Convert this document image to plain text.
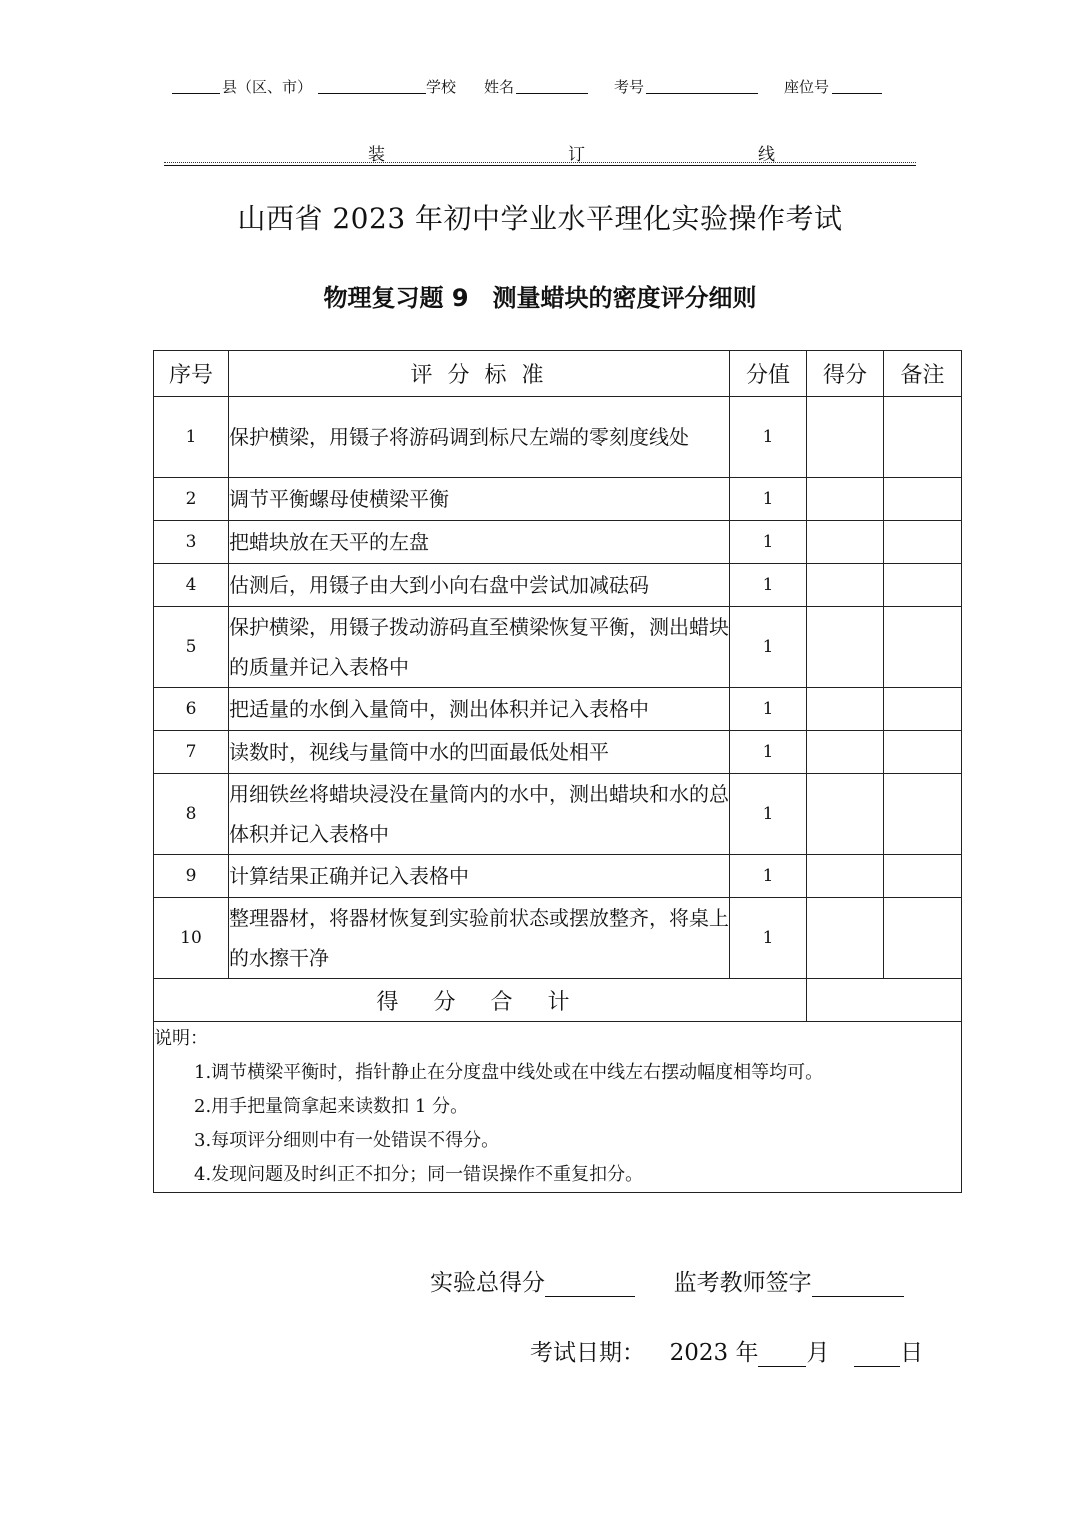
县（区、市）	学校 姓名	考号	座位号
装	订	线
山西省 2023 年初中学业水平理化实验操作考试
物理复习题 9　测量蜡块的密度评分细则
序号	评 分 标 准	分值	得分	备注
1	保护横梁，用镊子将游码调到标尺左端的零刻度线处	1		
2	调节平衡螺母使横梁平衡	1		
3	把蜡块放在天平的左盘	1		
4	估测后，用镊子由大到小向右盘中尝试加减砝码	1		
5	保护横梁，用镊子拨动游码直至横梁恢复平衡，测出蜡块的质量并记入表格中	1		
6	把适量的水倒入量筒中，测出体积并记入表格中	1		
7	读数时，视线与量筒中水的凹面最低处相平	1		
8	用细铁丝将蜡块浸没在量筒内的水中，测出蜡块和水的总体积并记入表格中	1		
9	计算结果正确并记入表格中	1		
10	整理器材，将器材恢复到实验前状态或摆放整齐，将桌上的水擦干净	1		
得 分 合 计				

说明：
1.调节横梁平衡时，指针静止在分度盘中线处或在中线左右摆动幅度相等均可。
2.用手把量筒拿起来读数扣 1 分。
3.每项评分细则中有一处错误不得分。
4.发现问题及时纠正不扣分；同一错误操作不重复扣分。				
实验总得分	监考教师签字
考试日期： 2023 年 月	日
